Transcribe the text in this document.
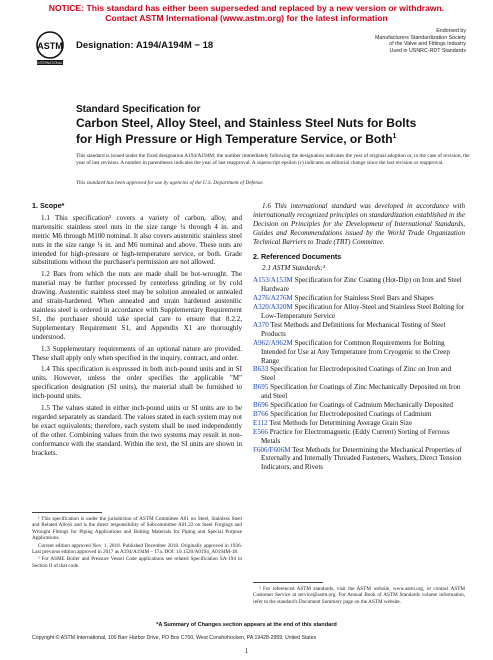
NOTICE: This standard has either been superseded and replaced by a new version or withdrawn.
Contact ASTM International (www.astm.org) for the latest information
ASTM
INTERNATIONAL
Designation: A194/A194M − 18
Endorsed by
Manufacturers Standardization Society
of the Valve and Fittings Industry
Used in USNRC-RDT Standards
Standard Specification for
Carbon Steel, Alloy Steel, and Stainless Steel Nuts for Bolts
for High Pressure or High Temperature Service, or Both$^1$
This standard is issued under the fixed designation A194/A194M; the number immediately following the designation indicates the year of original adoption or, in the case of revision, the year of last revision. A number in parentheses indicates the year of last reapproval. A superscript epsilon (ε) indicates an editorial change since the last revision or reapproval.
This standard has been approved for use by agencies of the U.S. Department of Defense.
1. Scope*

1.1 This specification² covers a variety of carbon, alloy, and martensitic stainless steel nuts in the size range ¼ through 4 in. and metric M6 through M100 nominal. It also covers austenitic stainless steel nuts in the size range ¼ in. and M6 nominal and above. These nuts are intended for high-pressure or high-temperature service, or both. Grade substitutions without the purchaser's permission are not allowed.

1.2 Bars from which the nuts are made shall be hot-wrought. The material may be further processed by centerless grinding or by cold drawing. Austenitic stainless steel may be solution annealed or annealed and strain-hardened. When annealed and strain hardened austenitic stainless steel is ordered in accordance with Supplementary Requirement S1, the purchaser should take special care to ensure that 8.2.2, Supplementary Requirement S1, and Appendix X1 are thoroughly understood.

1.3 Supplementary requirements of an optional nature are provided. These shall apply only when specified in the inquiry, contract, and order.

1.4 This specification is expressed in both inch-pound units and in SI units. However, unless the order specifies the applicable "M" specification designation (SI units), the material shall be furnished to inch-pound units.

1.5 The values stated in either inch-pound units or SI units are to be regarded separately as standard. The values stated in each system may not be exact equivalents; therefore, each system shall be used independently of the other. Combining values from the two systems may result in non-conformance with the standard. Within the text, the SI units are shown in brackets.

1.6 This international standard was developed in accordance with internationally recognized principles on standardization established in the Decision on Principles for the Development of International Standards, Guides and Recommendations issued by the World Trade Organization Technical Barriers to Trade (TBT) Committee.

2. Referenced Documents

2.1 ASTM Standards:³

A153/A153M Specification for Zinc Coating (Hot-Dip) on Iron and Steel Hardware

A276/A276M Specification for Stainless Steel Bars and Shapes

A320/A320M Specification for Alloy-Steel and Stainless Steel Bolting for Low-Temperature Service

A370 Test Methods and Definitions for Mechanical Testing of Steel Products

A962/A962M Specification for Common Requirements for Bolting Intended for Use at Any Temperature from Cryogenic to the Creep Range

B633 Specification for Electrodeposited Coatings of Zinc on Iron and Steel

B695 Specification for Coatings of Zinc Mechanically Deposited on Iron and Steel

B696 Specification for Coatings of Cadmium Mechanically Deposited

B766 Specification for Electrodeposited Coatings of Cadmium

E112 Test Methods for Determining Average Grain Size

E566 Practice for Electromagnetic (Eddy Current) Sorting of Ferrous Metals

F606/F606M Test Methods for Determining the Mechanical Properties of Externally and Internally Threaded Fasteners, Washers, Direct Tension Indicators, and Rivets

¹ This specification is under the jurisdiction of ASTM Committee A01 on Steel, Stainless Steel and Related Alloys and is the direct responsibility of Subcommittee A01.22 on Steel Forgings and Wrought Fittings for Piping Applications and Bolting Materials for Piping and Special Purpose Applications.

Current edition approved Nov. 1, 2018. Published December 2018. Originally approved in 1936. Last previous edition approved in 2017 as A194/A194M – 17a. DOI: 10.1520/A0194_A0194M-18.

² For ASME Boiler and Pressure Vessel Code applications see related Specification SA-194 in Section II of that code.

³ For referenced ASTM standards, visit the ASTM website, www.astm.org, or contact ASTM Customer Service at service@astm.org. For Annual Book of ASTM Standards volume information, refer to the standard's Document Summary page on the ASTM website.

*A Summary of Changes section appears at the end of this standard
Copyright © ASTM International, 100 Barr Harbor Drive, PO Box C700, West Conshohocken, PA 19428-2959. United States
1
